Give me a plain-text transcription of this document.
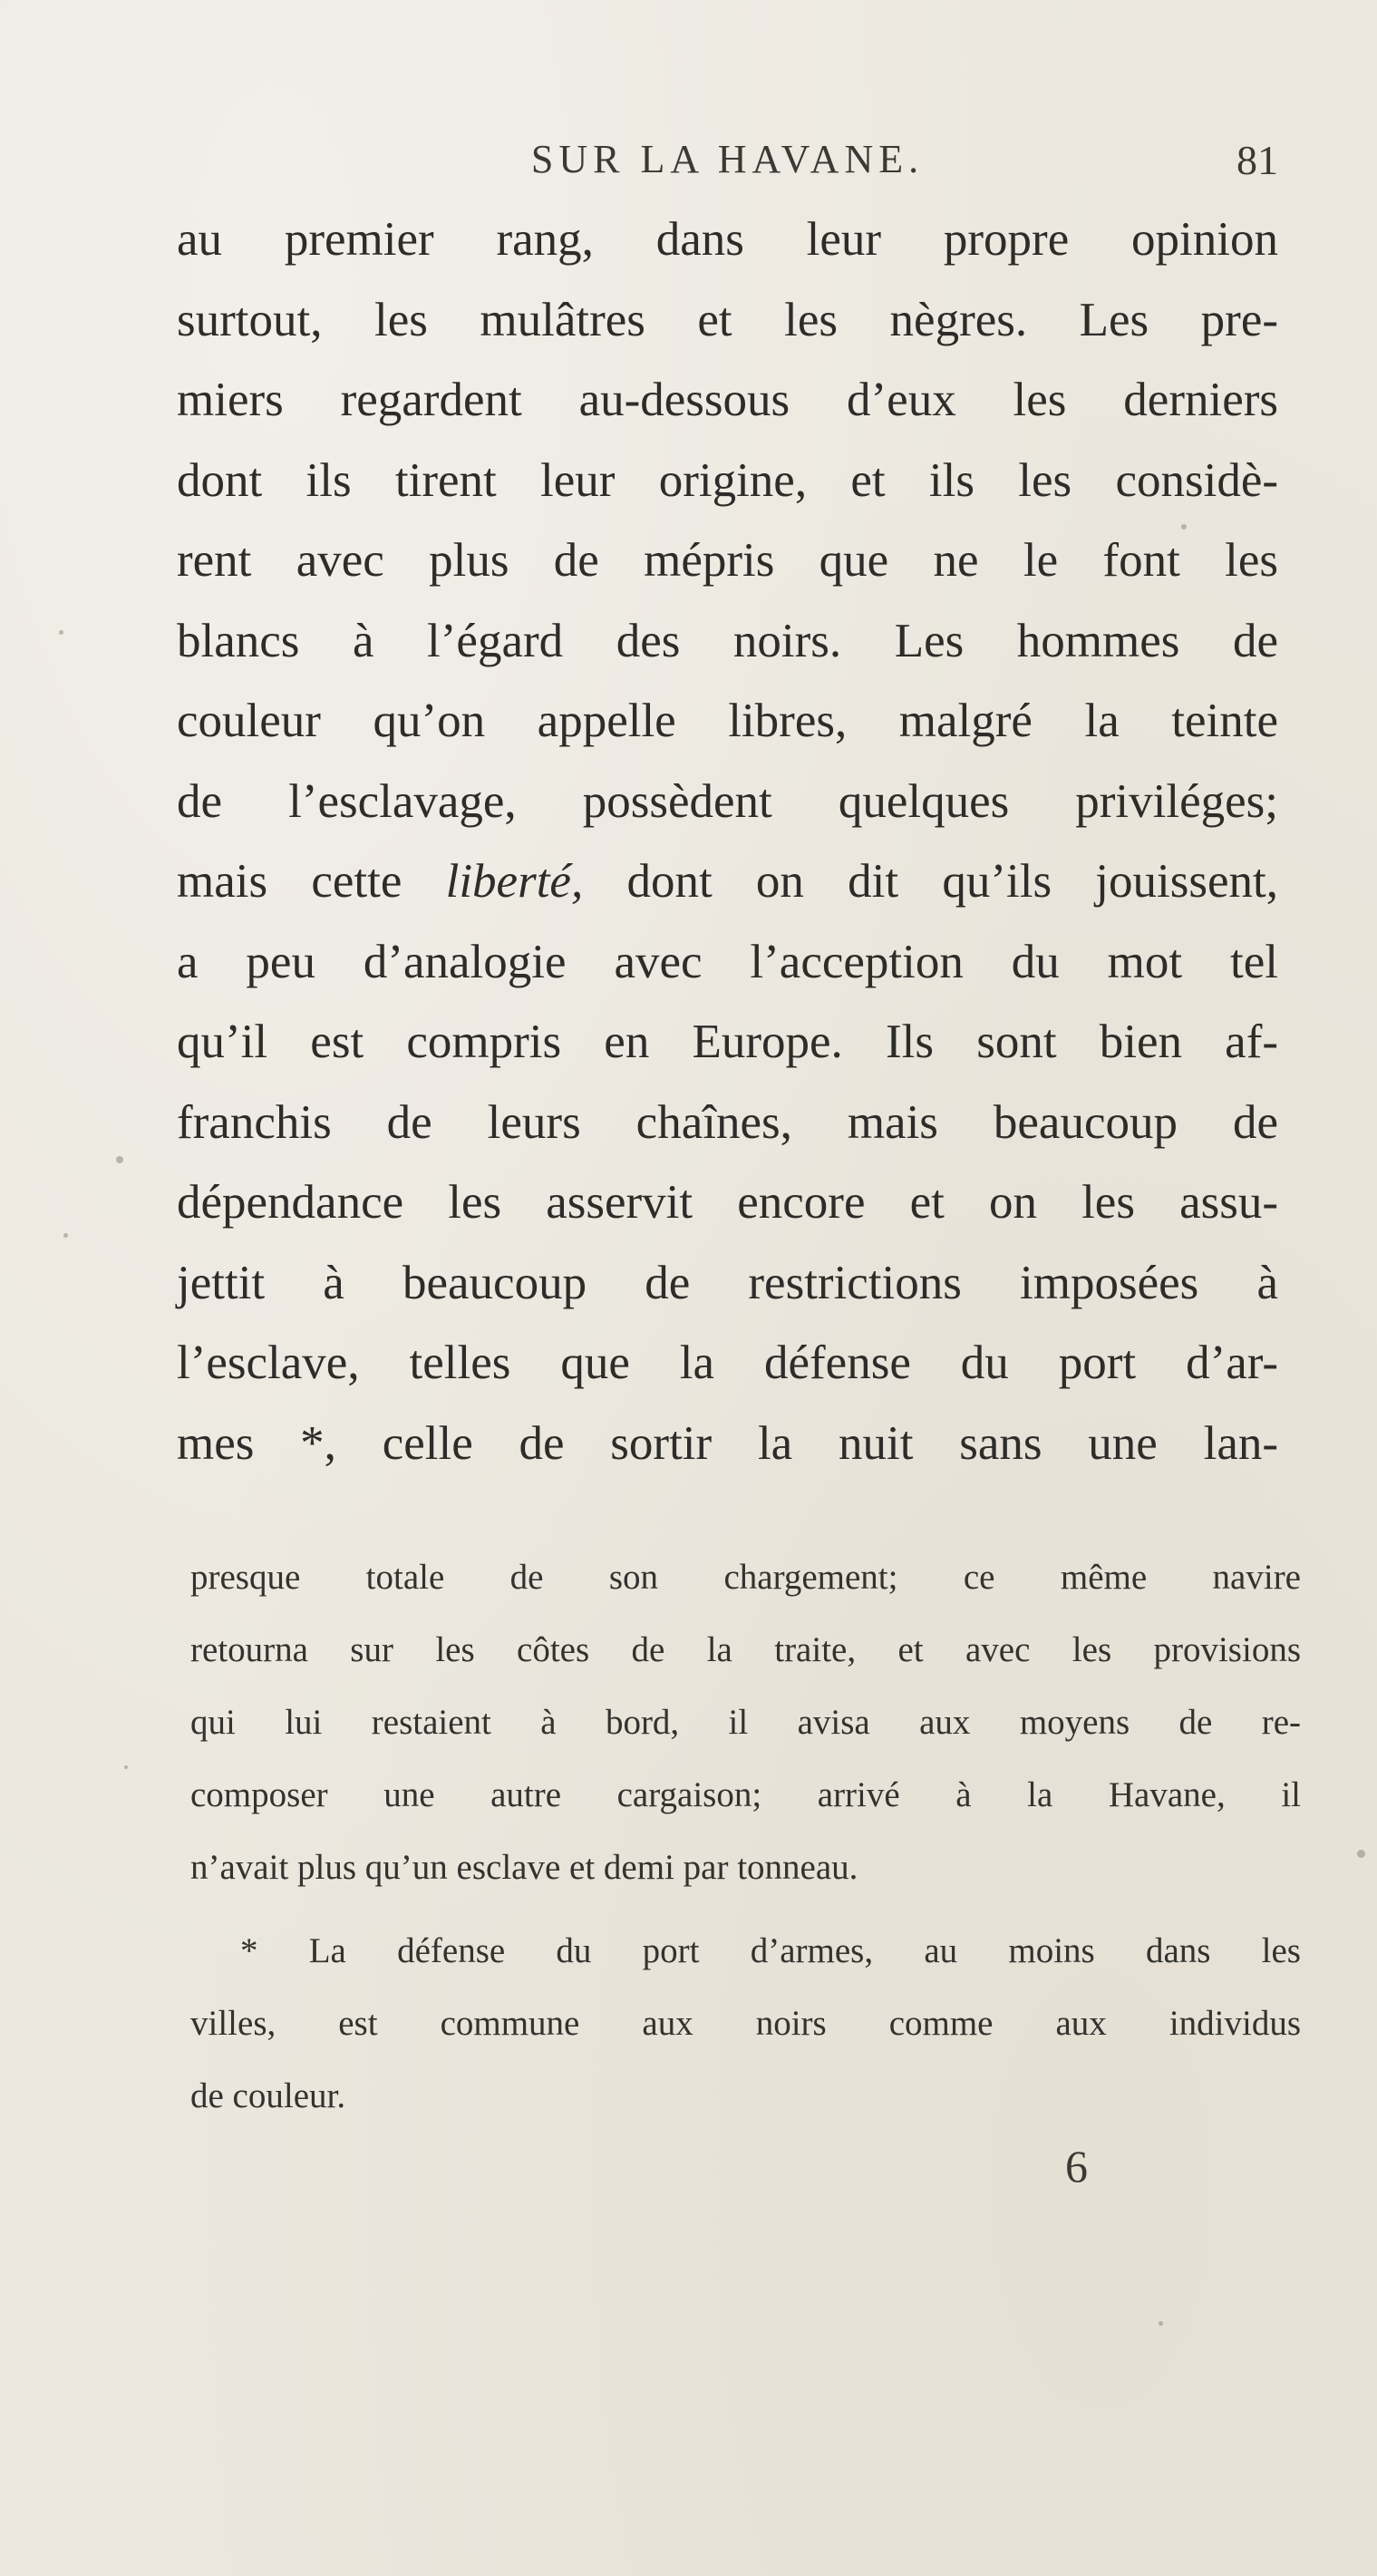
SUR LA HAVANE.	81
au premier rang, dans leur propre opinion
surtout, les mulâtres et les nègres. Les pre-
miers regardent au-dessous d’eux les derniers
dont ils tirent leur origine, et ils les considè-
rent avec plus de mépris que ne le font les
blancs à l’égard des noirs. Les hommes de
couleur qu’on appelle libres, malgré la teinte
de l’esclavage, possèdent quelques priviléges;
mais cette liberté, dont on dit qu’ils jouissent,
a peu d’analogie avec l’acception du mot tel
qu’il est compris en Europe. Ils sont bien af-
franchis de leurs chaînes, mais beaucoup de
dépendance les asservit encore et on les assu-
jettit à beaucoup de restrictions imposées à
l’esclave, telles que la défense du port d’ar-
mes *, celle de sortir la nuit sans une lan-
presque totale de son chargement; ce même navire
retourna sur les côtes de la traite, et avec les provisions
qui lui restaient à bord, il avisa aux moyens de re-
composer une autre cargaison; arrivé à la Havane, il
n’avait plus qu’un esclave et demi par tonneau.
* La défense du port d’armes, au moins dans les
villes, est commune aux noirs comme aux individus
de couleur.
6
